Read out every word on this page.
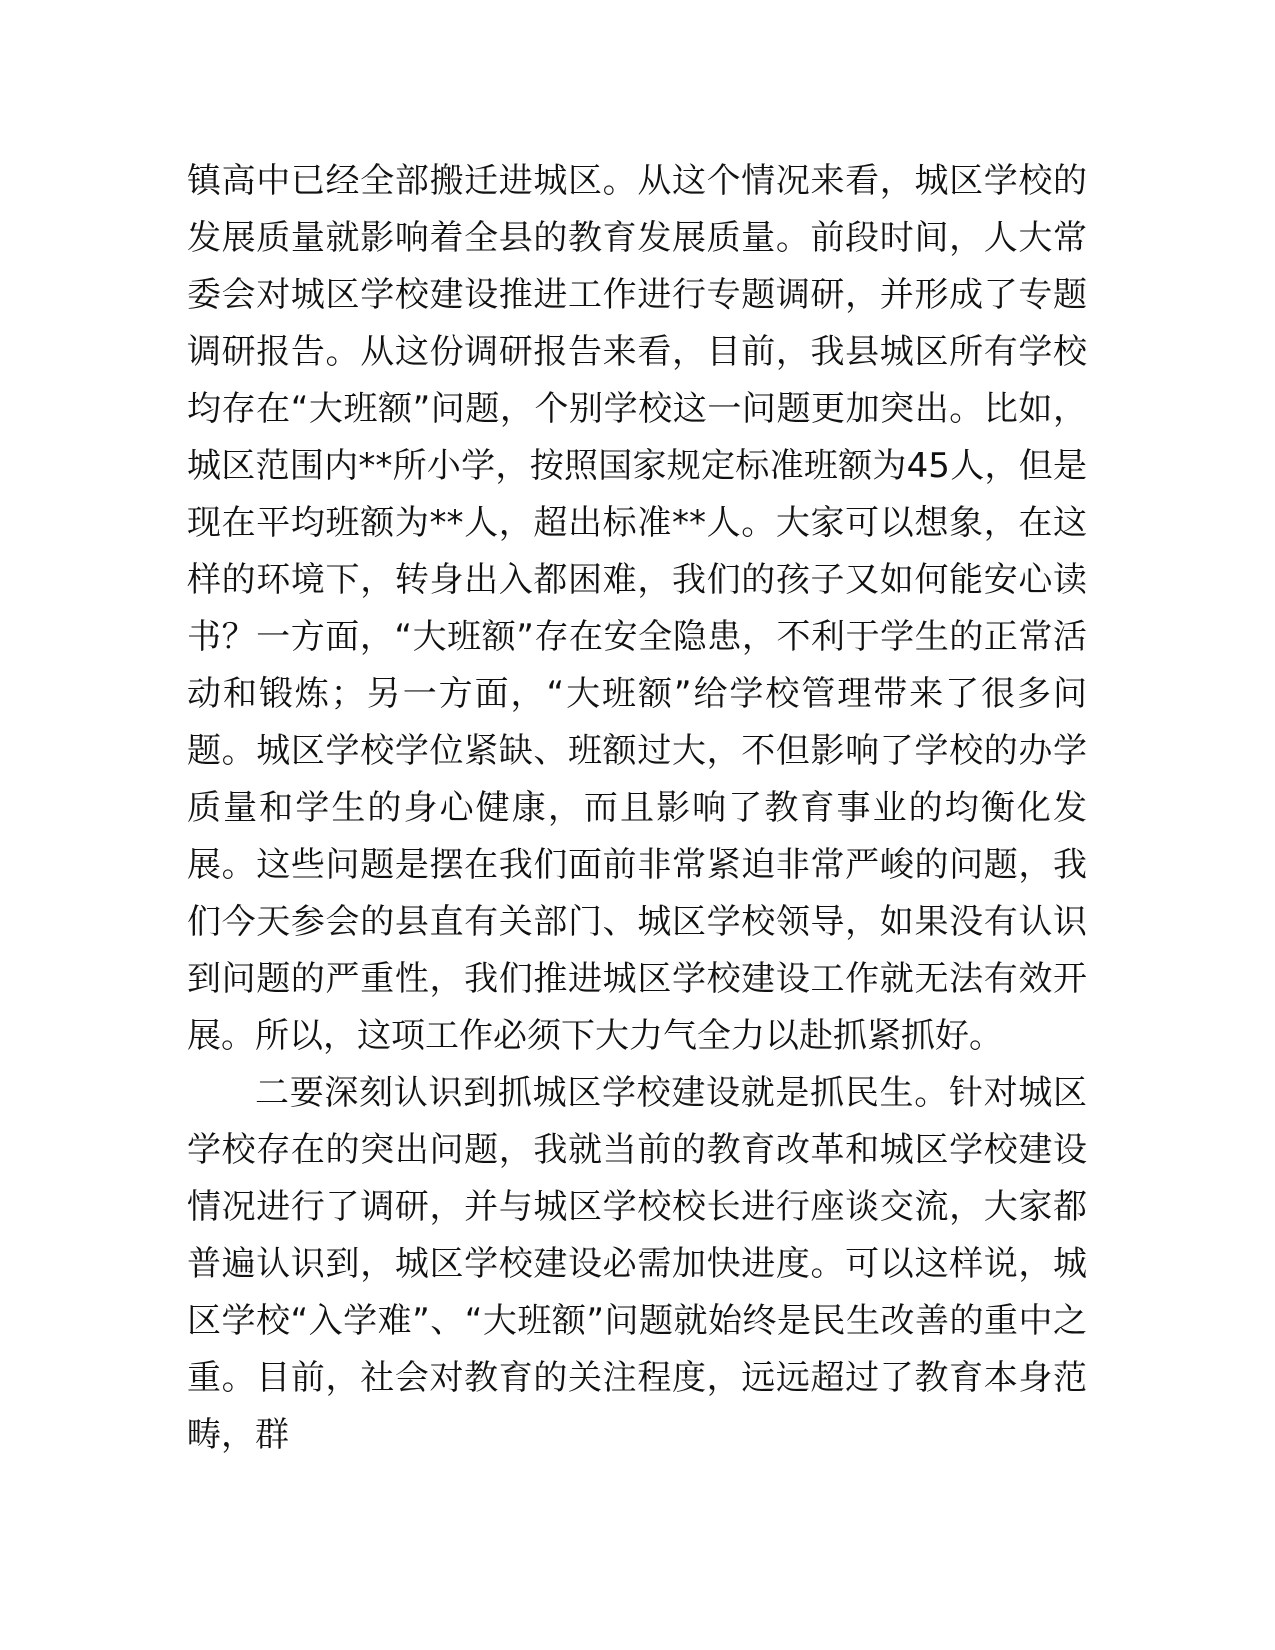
镇高中已经全部搬迁进城区。从这个情况来看，城区学校的发展质量就影响着全县的教育发展质量。前段时间，人大常委会对城区学校建设推进工作进行专题调研，并形成了专题调研报告。从这份调研报告来看，目前，我县城区所有学校均存在“大班额”问题，个别学校这一问题更加突出。比如，城区范围内**所小学，按照国家规定标准班额为45人，但是现在平均班额为**人，超出标准**人。大家可以想象，在这样的环境下，转身出入都困难，我们的孩子又如何能安心读书？一方面，“大班额”存在安全隐患，不利于学生的正常活动和锻炼；另一方面，“大班额”给学校管理带来了很多问题。城区学校学位紧缺、班额过大，不但影响了学校的办学质量和学生的身心健康，而且影响了教育事业的均衡化发展。这些问题是摆在我们面前非常紧迫非常严峻的问题，我们今天参会的县直有关部门、城区学校领导，如果没有认识到问题的严重性，我们推进城区学校建设工作就无法有效开展。所以，这项工作必须下大力气全力以赴抓紧抓好。

二要深刻认识到抓城区学校建设就是抓民生。针对城区学校存在的突出问题，我就当前的教育改革和城区学校建设情况进行了调研，并与城区学校校长进行座谈交流，大家都普遍认识到，城区学校建设必需加快进度。可以这样说，城区学校“入学难”、“大班额”问题就始终是民生改善的重中之重。目前，社会对教育的关注程度，远远超过了教育本身范畴，群
